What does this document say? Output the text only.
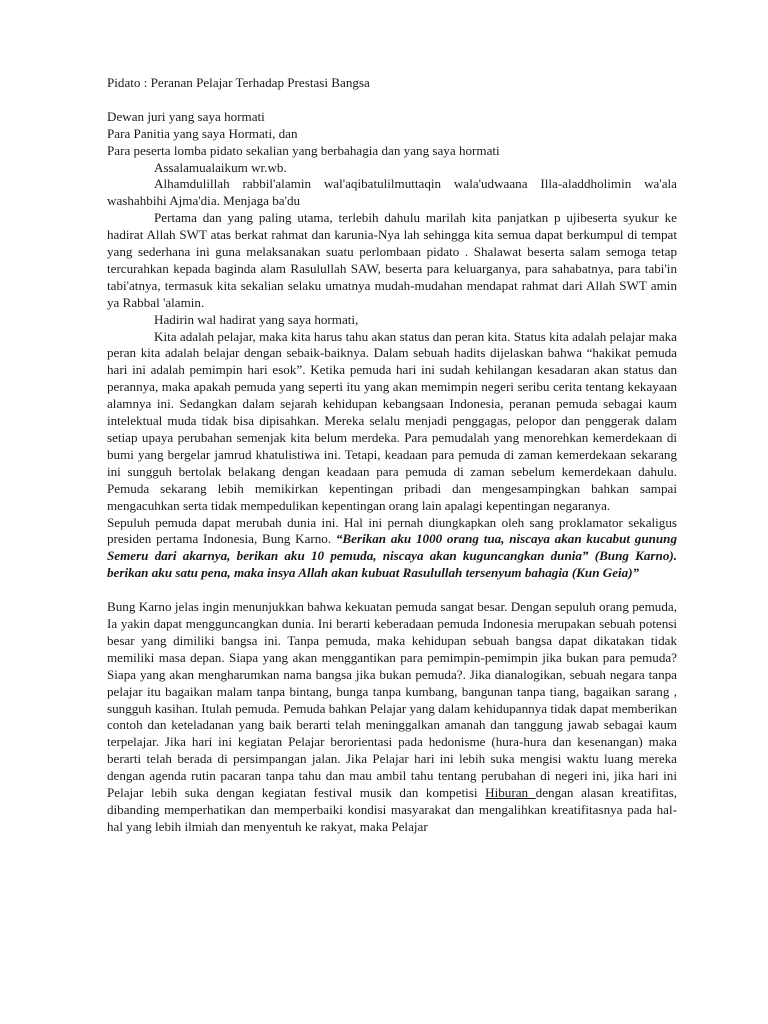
Pidato : Peranan Pelajar Terhadap Prestasi Bangsa

Dewan juri yang saya hormati

Para Panitia yang saya Hormati, dan

Para peserta lomba pidato sekalian yang berbahagia dan yang saya hormati

Assalamualaikum wr.wb.

Alhamdulillah rabbil'alamin wal'aqibatulilmuttaqin wala'udwaana Illa-aladdholimin wa'ala washahbihi Ajma'dia. Menjaga ba'du

Pertama dan yang paling utama, terlebih dahulu marilah kita panjatkan p ujibeserta syukur ke hadirat Allah SWT atas berkat rahmat dan karunia-Nya lah sehingga kita semua dapat berkumpul di tempat yang sederhana ini guna melaksanakan suatu perlombaan pidato . Shalawat beserta salam semoga tetap tercurahkan kepada baginda alam Rasulullah SAW, beserta para keluarganya, para sahabatnya, para tabi'in tabi'atnya, termasuk kita sekalian selaku umatnya mudah-mudahan mendapat rahmat dari Allah SWT amin ya Rabbal 'alamin.

Hadirin wal hadirat yang saya hormati,

Kita adalah pelajar, maka kita harus tahu akan status dan peran kita. Status kita adalah pelajar maka peran kita adalah belajar dengan sebaik-baiknya. Dalam sebuah hadits dijelaskan bahwa “hakikat pemuda hari ini adalah pemimpin hari esok”. Ketika pemuda hari ini sudah kehilangan kesadaran akan status dan perannya, maka apakah pemuda yang seperti itu yang akan memimpin negeri seribu cerita tentang kekayaan alamnya ini. Sedangkan dalam sejarah kehidupan kebangsaan Indonesia, peranan pemuda sebagai kaum intelektual muda tidak bisa dipisahkan. Mereka selalu menjadi penggagas, pelopor dan penggerak dalam setiap upaya perubahan semenjak kita belum merdeka. Para pemudalah yang menorehkan kemerdekaan di bumi yang bergelar jamrud khatulistiwa ini. Tetapi, keadaan para pemuda di zaman kemerdekaan sekarang ini sungguh bertolak belakang dengan keadaan para pemuda di zaman sebelum kemerdekaan dahulu. Pemuda sekarang lebih memikirkan kepentingan pribadi dan mengesampingkan bahkan sampai mengacuhkan serta tidak mempedulikan kepentingan orang lain apalagi kepentingan negaranya.

Sepuluh pemuda dapat merubah dunia ini. Hal ini pernah diungkapkan oleh sang proklamator sekaligus presiden pertama Indonesia, Bung Karno. “Berikan aku 1000 orang tua, niscaya akan kucabut gunung Semeru dari akarnya, berikan aku 10 pemuda, niscaya akan kuguncangkan dunia” (Bung Karno). berikan aku satu pena, maka insya Allah akan kubuat Rasulullah tersenyum bahagia (Kun Geia)”

Bung Karno jelas ingin menunjukkan bahwa kekuatan pemuda sangat besar. Dengan sepuluh orang pemuda, Ia yakin dapat mengguncangkan dunia. Ini berarti keberadaan pemuda Indonesia merupakan sebuah potensi besar yang dimiliki bangsa ini. Tanpa pemuda, maka kehidupan sebuah bangsa dapat dikatakan tidak memiliki masa depan. Siapa yang akan menggantikan para pemimpin-pemimpin jika bukan para pemuda? Siapa yang akan mengharumkan nama bangsa jika bukan pemuda?. Jika dianalogikan, sebuah negara tanpa pelajar itu bagaikan malam tanpa bintang, bunga tanpa kumbang, bangunan tanpa tiang, bagaikan sarang , sungguh kasihan. Itulah pemuda. Pemuda bahkan Pelajar yang dalam kehidupannya tidak dapat memberikan contoh dan keteladanan yang baik berarti telah meninggalkan amanah dan tanggung jawab sebagai kaum terpelajar. Jika hari ini kegiatan Pelajar berorientasi pada hedonisme (hura-hura dan kesenangan) maka berarti telah berada di persimpangan jalan. Jika Pelajar hari ini lebih suka mengisi waktu luang mereka dengan agenda rutin pacaran tanpa tahu dan mau ambil tahu tentang perubahan di negeri ini, jika hari ini Pelajar lebih suka dengan kegiatan festival musik dan kompetisi Hiburan dengan alasan kreatifitas, dibanding memperhatikan dan memperbaiki kondisi masyarakat dan mengalihkan kreatifitasnya pada hal-hal yang lebih ilmiah dan menyentuh ke rakyat, maka Pelajar
